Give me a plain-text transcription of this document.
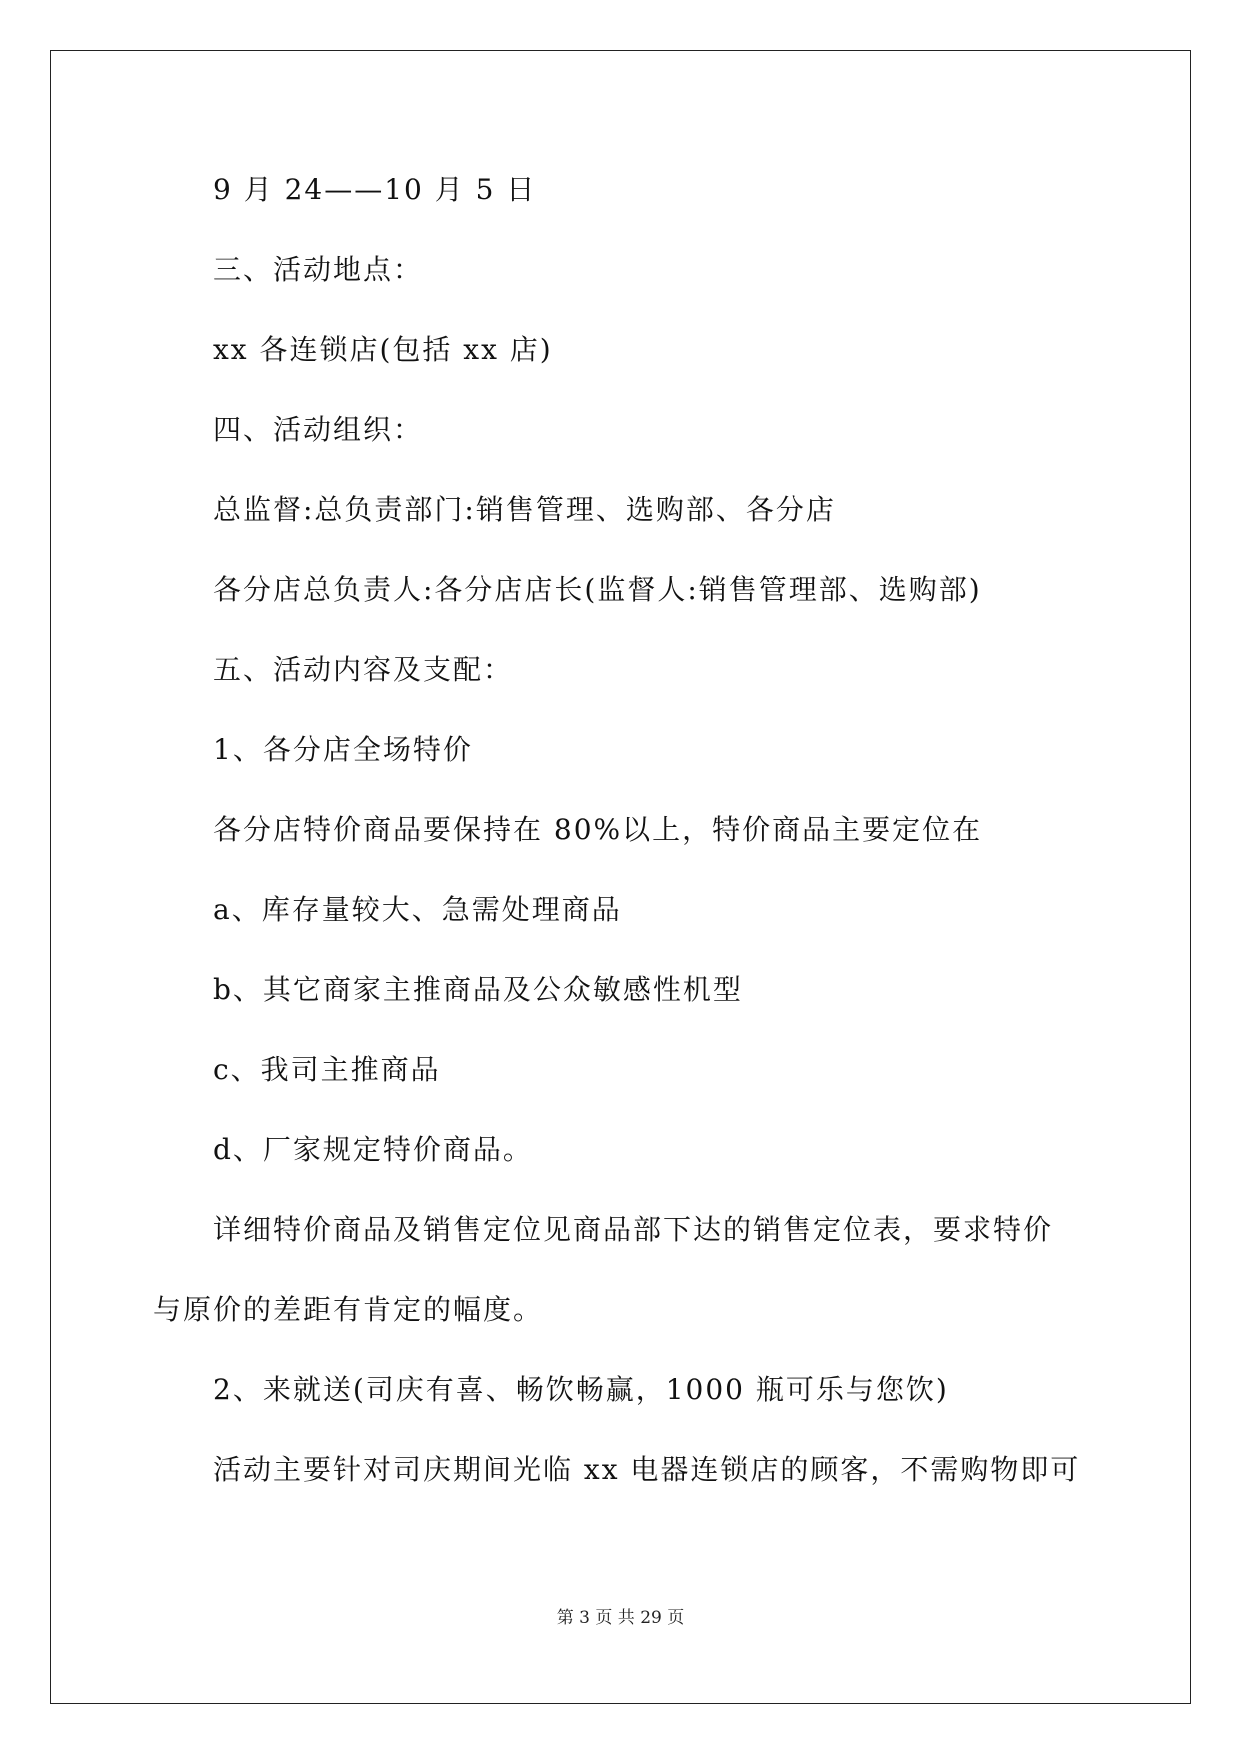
9 月 24——10 月 5 日
三、活动地点：
xx 各连锁店(包括 xx 店)
四、活动组织：
总监督:总负责部门:销售管理、选购部、各分店
各分店总负责人:各分店店长(监督人:销售管理部、选购部)
五、活动内容及支配：
1、各分店全场特价
各分店特价商品要保持在 80%以上，特价商品主要定位在
a、库存量较大、急需处理商品
b、其它商家主推商品及公众敏感性机型
c、我司主推商品
d、厂家规定特价商品。
详细特价商品及销售定位见商品部下达的销售定位表，要求特价
与原价的差距有肯定的幅度。
2、来就送(司庆有喜、畅饮畅赢，1000 瓶可乐与您饮)
活动主要针对司庆期间光临 xx 电器连锁店的顾客，不需购物即可
第 3 页 共 29 页
